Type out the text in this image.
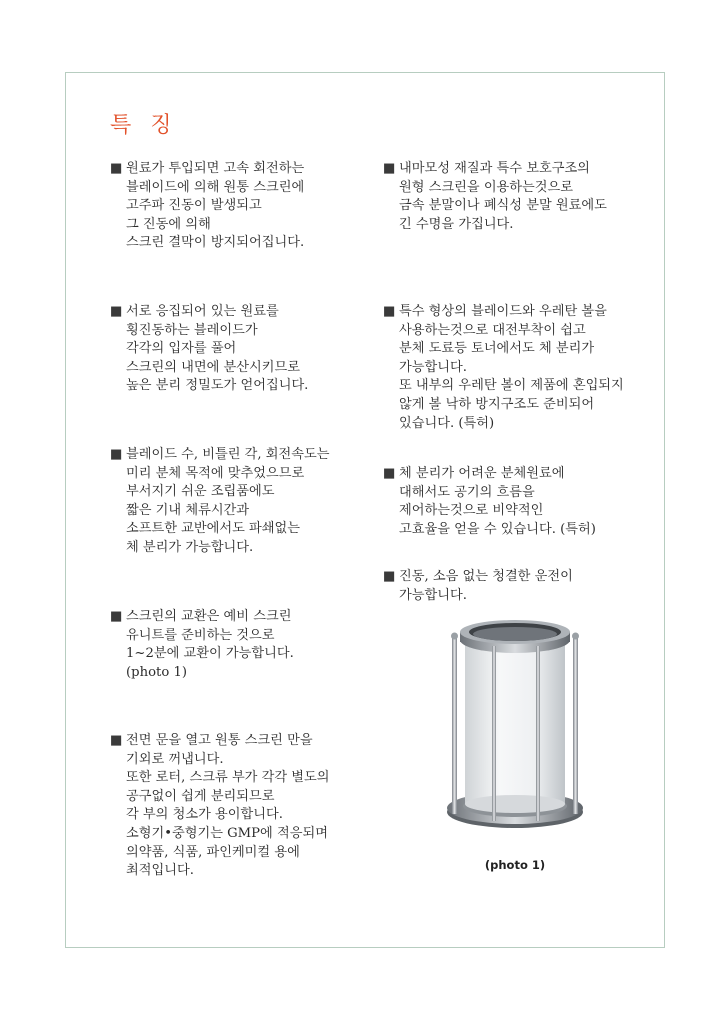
특 징
■ 원료가 투입되면 고속 회전하는
블레이드에 의해 원통 스크린에
고주파 진동이 발생되고
그 진동에 의해
스크린 결막이 방지되어집니다.
■ 서로 응집되어 있는 원료를
횡진동하는 블레이드가
각각의 입자를 풀어
스크린의 내면에 분산시키므로
높은 분리 정밀도가 얻어집니다.
■ 블레이드 수, 비틀린 각, 회전속도는
미리 분체 목적에 맞추었으므로
부서지기 쉬운 조립품에도
짧은 기내 체류시간과
소프트한 교반에서도 파쇄없는
체 분리가 가능합니다.
■ 스크린의 교환은 예비 스크린
유니트를 준비하는 것으로
1~2분에 교환이 가능합니다.
(photo 1)
■ 전면 문을 열고 원통 스크린 만을
기외로 꺼냅니다.
또한 로터, 스크류 부가 각각 별도의
공구없이 쉽게 분리되므로
각 부의 청소가 용이합니다.
소형기•중형기는 GMP에 적응되며
의약품, 식품, 파인케미컬 용에
최적입니다.
■ 내마모성 재질과 특수 보호구조의
원형 스크린을 이용하는것으로
금속 분말이나 폐식성 분말 원료에도
긴 수명을 가집니다.
■ 특수 형상의 블레이드와 우레탄 볼을
사용하는것으로 대전부착이 쉽고
분체 도료등 토너에서도 체 분리가
가능합니다.
또 내부의 우레탄 볼이 제품에 혼입되지
않게 볼 낙하 방지구조도 준비되어
있습니다. (특허)
■ 체 분리가 어려운 분체원료에
대해서도 공기의 흐름을
제어하는것으로 비약적인
고효율을 얻을 수 있습니다. (특허)
■ 진동, 소음 없는 청결한 운전이
가능합니다.
(photo 1)
